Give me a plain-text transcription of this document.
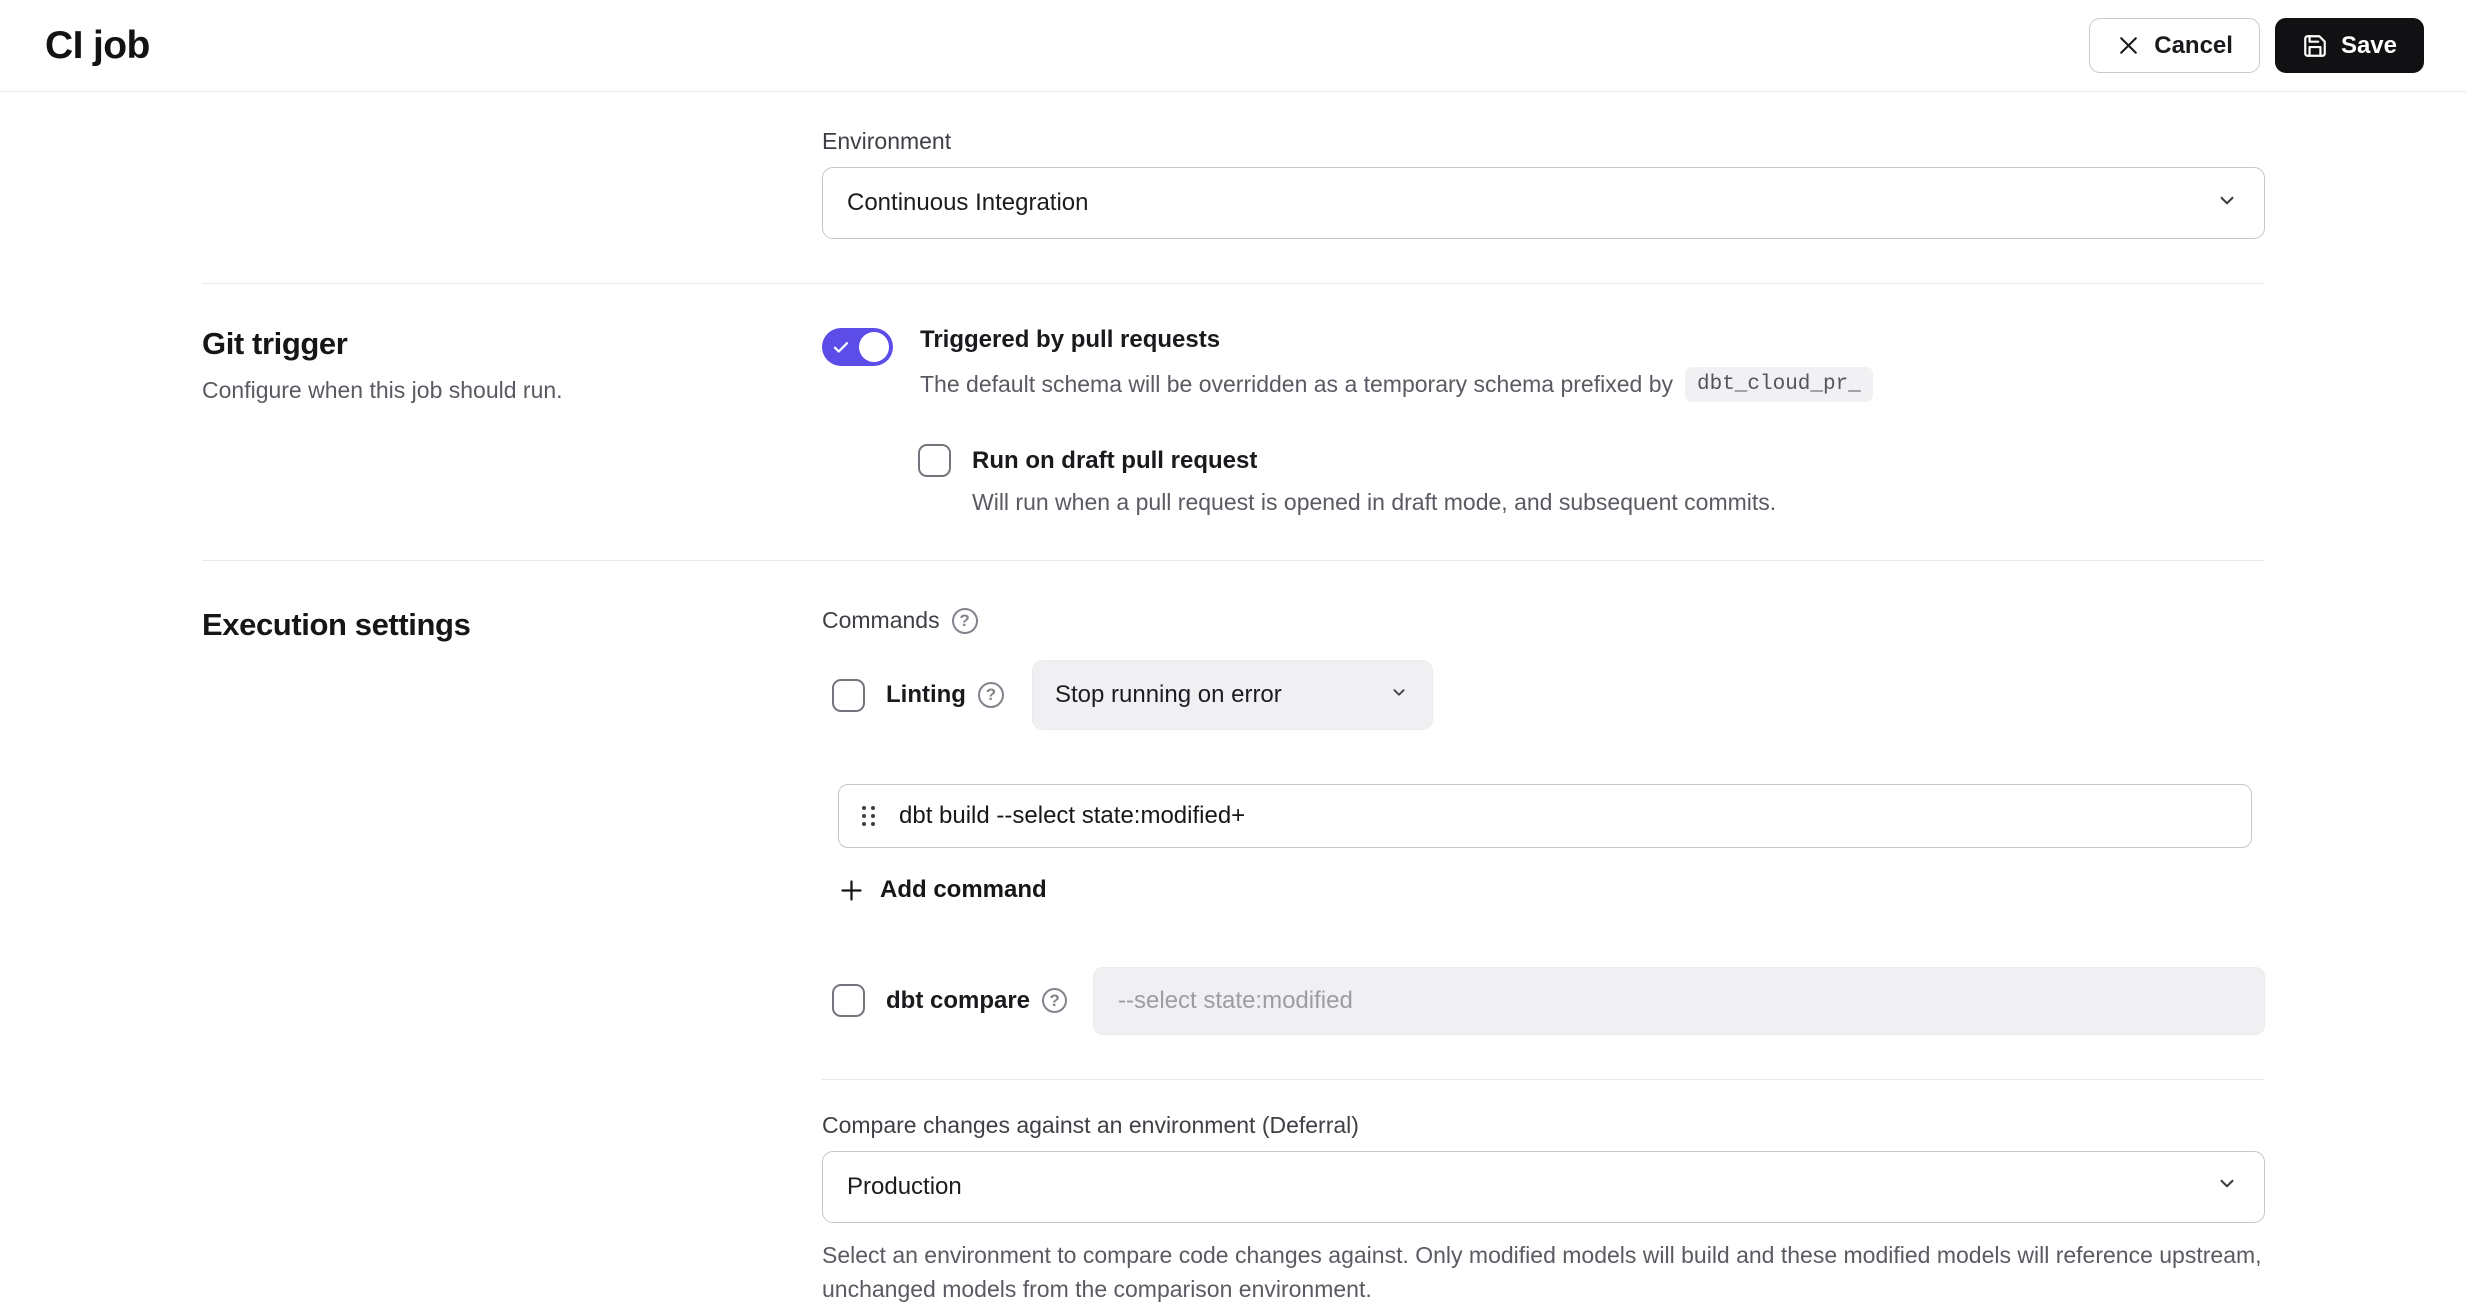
CI job	Cancel	Save
Environment
Continuous Integration
Git trigger
Configure when this job should run.
Triggered by pull requests
The default schema will be overridden as a temporary schema prefixed by	dbt_cloud_pr_
Run on draft pull request
Will run when a pull request is opened in draft mode, and subsequent commits.
Execution settings	Commands	?
Linting	?	Stop running on error
dbt build --select state:modified+
Add command
dbt compare	?
--select state:modified
Compare changes against an environment (Deferral)
Production
Select an environment to compare code changes against. Only modified models will build and these modified models will reference upstream, unchanged models from the comparison environment.
